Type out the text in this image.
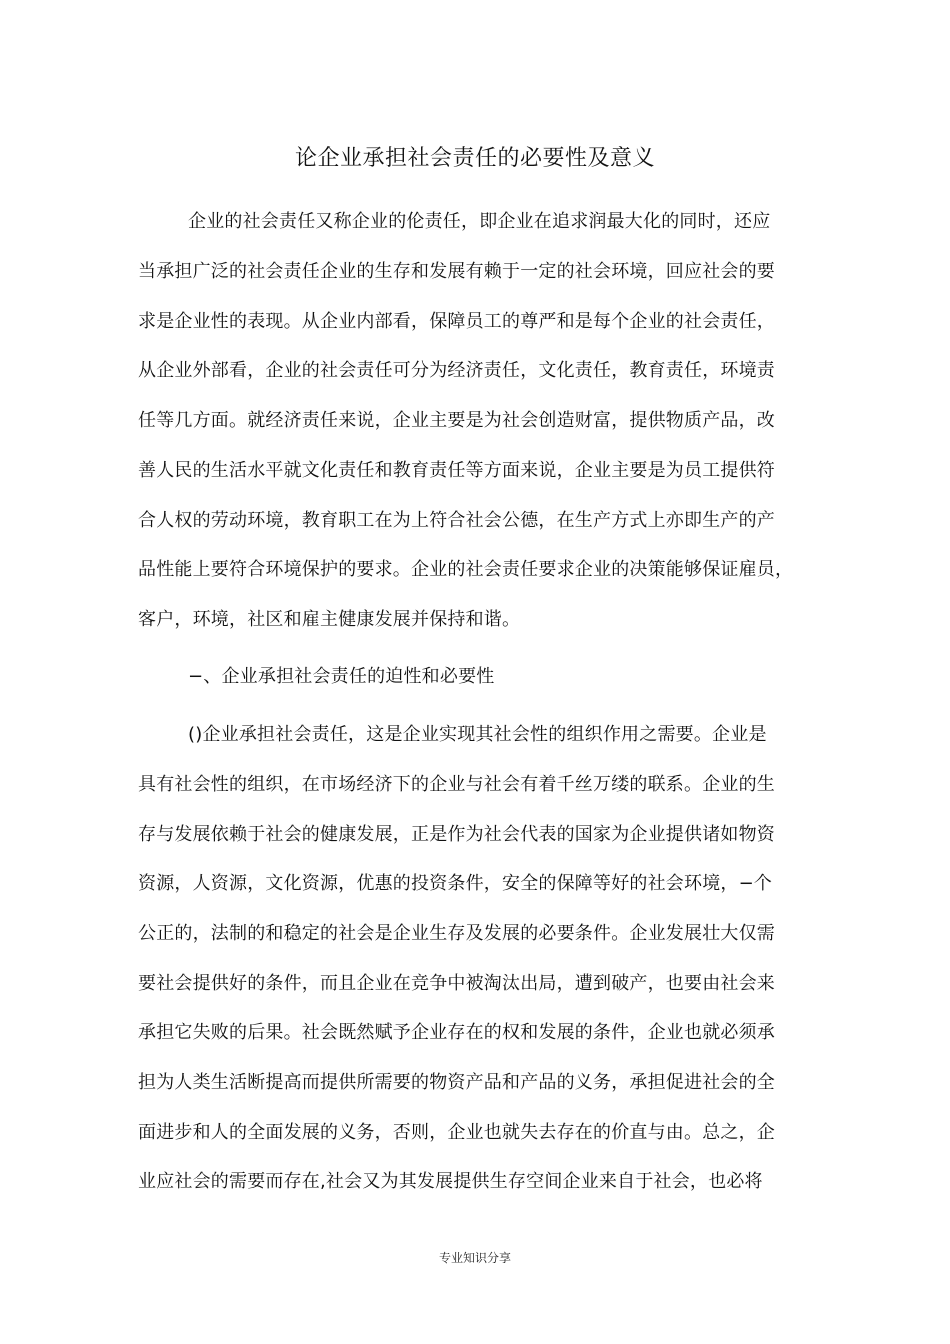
论企业承担社会责任的必要性及意义
企业的社会责任又称企业的伦责任，即企业在追求润最大化的同时，还应
当承担广泛的社会责任企业的生存和发展有赖于一定的社会环境，回应社会的要
求是企业性的表现。从企业内部看，保障员工的尊严和是每个企业的社会责任，
从企业外部看，企业的社会责任可分为经济责任，文化责任，教育责任，环境责
任等几方面。就经济责任来说，企业主要是为社会创造财富，提供物质产品，改
善人民的生活水平就文化责任和教育责任等方面来说，企业主要是为员工提供符
合人权的劳动环境，教育职工在为上符合社会公德，在生产方式上亦即生产的产
品性能上要符合环境保护的要求。企业的社会责任要求企业的决策能够保证雇员，
客户，环境，社区和雇主健康发展并保持和谐。
−、企业承担社会责任的迫性和必要性
()企业承担社会责任，这是企业实现其社会性的组织作用之需要。企业是
具有社会性的组织，在市场经济下的企业与社会有着千丝万缕的联系。企业的生
存与发展依赖于社会的健康发展，正是作为社会代表的国家为企业提供诸如物资
资源，人资源，文化资源，优惠的投资条件，安全的保障等好的社会环境，−个
公正的，法制的和稳定的社会是企业生存及发展的必要条件。企业发展壮大仅需
要社会提供好的条件，而且企业在竞争中被淘汰出局，遭到破产，也要由社会来
承担它失败的后果。社会既然赋予企业存在的权和发展的条件，企业也就必须承
担为人类生活断提高而提供所需要的物资产品和产品的义务，承担促进社会的全
面进步和人的全面发展的义务，否则，企业也就失去存在的价直与由。总之，企
业应社会的需要而存在,社会又为其发展提供生存空间企业来自于社会，也必将
专业知识分享
